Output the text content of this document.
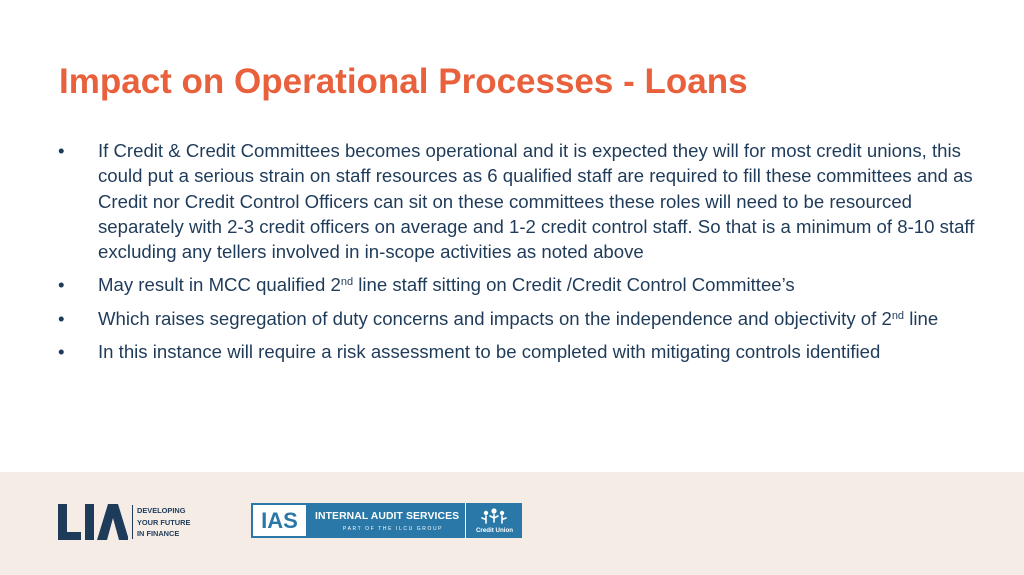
Impact on Operational Processes - Loans
• If Credit & Credit Committees becomes operational and it is expected they will for most credit unions, this could put a serious strain on staff resources as 6 qualified staff are required to fill these committees and as Credit nor Credit Control Officers can sit on these committees these roles will need to be resourced separately with 2-3 credit officers on average and 1-2 credit control staff. So that is a minimum of 8-10 staff excluding any tellers involved in in-scope activities as noted above
• May result in MCC qualified 2nd line staff sitting on Credit /Credit Control Committee’s
• Which raises segregation of duty concerns and impacts on the independence and objectivity of 2nd line
• In this instance will require a risk assessment to be completed with mitigating controls identified
DEVELOPING
YOUR FUTURE
IN FINANCE
IAS	INTERNAL AUDIT SERVICES
PART OF THE ILCU GROUP	Credit Union
